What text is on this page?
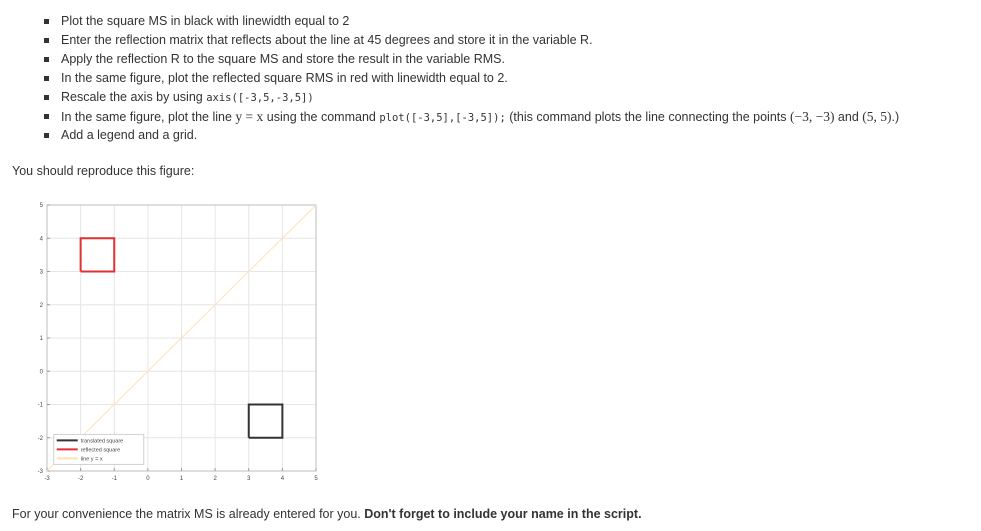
Plot the square MS in black with linewidth equal to 2
Enter the reflection matrix that reflects about the line at 45 degrees and store it in the variable R.
Apply the reflection R to the square MS and store the result in the variable RMS.
In the same figure, plot the reflected square RMS in red with linewidth equal to 2.
Rescale the axis by using axis([-3,5,-3,5])
In the same figure, plot the line y = x using the command plot([-3,5],[-3,5]); (this command plots the line connecting the points (−3, −3) and (5, 5).)
Add a legend and a grid.
You should reproduce this figure:
-3	-2	-1	0	1	2	3	4	5
-3
-2
-1
0
1
2
3
4
5
translated square
reflected square
line y = x
For your convenience the matrix MS is already entered for you. Don't forget to include your name in the script.
